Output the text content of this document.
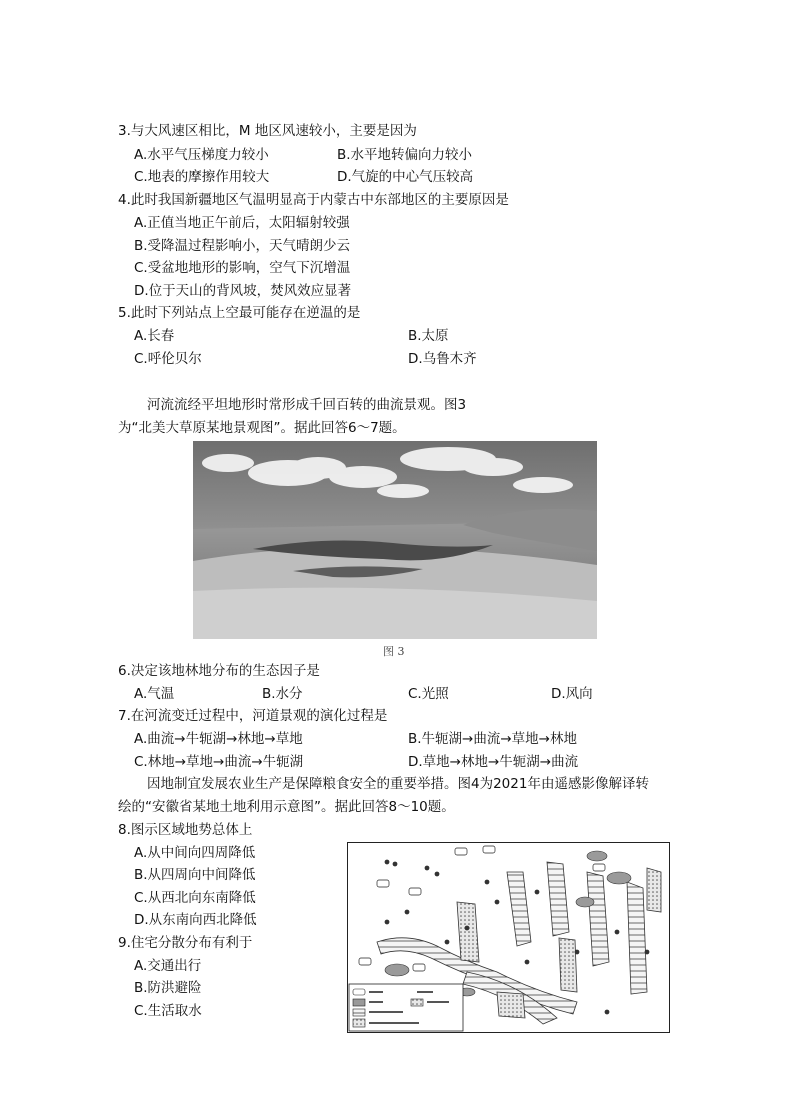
3.与大风速区相比，M 地区风速较小，主要是因为
A.水平气压梯度力较小	B.水平地转偏向力较小
C.地表的摩擦作用较大	D.气旋的中心气压较高
4.此时我国新疆地区气温明显高于内蒙古中东部地区的主要原因是
A.正值当地正午前后，太阳辐射较强
B.受降温过程影响小，天气晴朗少云
C.受盆地地形的影响，空气下沉增温
D.位于天山的背风坡，焚风效应显著
5.此时下列站点上空最可能存在逆温的是
A.长春	B.太原
C.呼伦贝尔	D.乌鲁木齐
河流流经平坦地形时常形成千回百转的曲流景观。图3
为“北美大草原某地景观图”。据此回答6～7题。
图 3
6.决定该地林地分布的生态因子是
A.气温	B.水分	C.光照	D.风向
7.在河流变迁过程中，河道景观的演化过程是
A.曲流→牛轭湖→林地→草地	B.牛轭湖→曲流→草地→林地
C.林地→草地→曲流→牛轭湖	D.草地→林地→牛轭湖→曲流
因地制宜发展农业生产是保障粮食安全的重要举措。图4为2021年由遥感影像解译转
绘的“安徽省某地土地利用示意图”。据此回答8～10题。
8.图示区域地势总体上
A.从中间向四周降低
B.从四周向中间降低
C.从西北向东南降低
D.从东南向西北降低
9.住宅分散分布有利于
A.交通出行
B.防洪避险
C.生活取水
